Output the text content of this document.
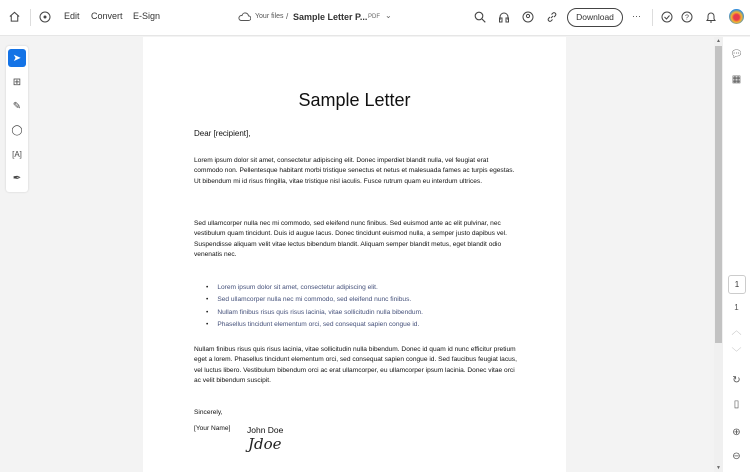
Edit Convert E-Sign	Your files / Sample Letter P... PDF ⌄	Download	···	?
➤
⊞
✎
◯
[A]
✒
Sample Letter

Dear [recipient],

Lorem ipsum dolor sit amet, consectetur adipiscing elit. Donec imperdiet blandit nulla, vel feugiat erat commodo non. Pellentesque habitant morbi tristique senectus et netus et malesuada fames ac turpis egestas. Ut bibendum mi id risus fringilla, vitae tristique nisl iaculis. Fusce rutrum quam eu interdum ultrices.

Sed ullamcorper nulla nec mi commodo, sed eleifend nunc finibus. Sed euismod ante ac elit pulvinar, nec vestibulum quam tincidunt. Duis id augue lacus. Donec tincidunt euismod nulla, a semper justo dapibus vel. Suspendisse aliquam velit vitae lectus bibendum blandit. Aliquam semper blandit metus, eget blandit odio venenatis nec.

• Lorem ipsum dolor sit amet, consectetur adipiscing elit.
• Sed ullamcorper nulla nec mi commodo, sed eleifend nunc finibus.
• Nullam finibus risus quis risus lacinia, vitae sollicitudin nulla bibendum.
• Phasellus tincidunt elementum orci, sed consequat sapien congue id.

Nullam finibus risus quis risus lacinia, vitae sollicitudin nulla bibendum. Donec id quam id nunc efficitur pretium eget a lorem. Phasellus tincidunt elementum orci, sed consequat sapien congue id. Sed faucibus feugiat lacus, vel luctus libero. Vestibulum bibendum orci ac erat ullamcorper, eu ullamcorper ipsum lacinia. Donec vitae orci ac velit bibendum suscipit.

Sincerely,

[Your Name]	John Doe
Jdoe
▲
▼
💬︎
▦
1
1
︿
﹀
↻
▯
⊕
⊖
